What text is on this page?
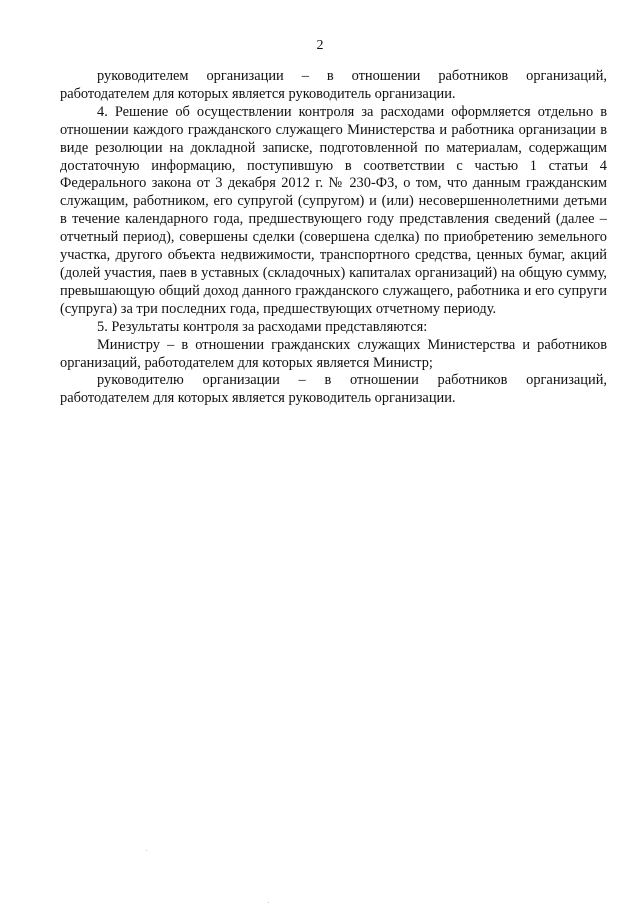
2

руководителем организации – в отношении работников организаций, работодателем для которых является руководитель организации.

4. Решение об осуществлении контроля за расходами оформляется отдельно в отношении каждого гражданского служащего Министерства и работника организации в виде резолюции на докладной записке, подготовленной по материалам, содержащим достаточную информацию, поступившую в соответствии с частью 1 статьи 4 Федерального закона от 3 декабря 2012 г. № 230-ФЗ, о том, что данным гражданским служащим, работником, его супругой (супругом) и (или) несовершеннолетними детьми в течение календарного года, предшествующего году представления сведений (далее – отчетный период), совершены сделки (совершена сделка) по приобретению земельного участка, другого объекта недвижимости, транспортного средства, ценных бумаг, акций (долей участия, паев в уставных (складочных) капиталах организаций) на общую сумму, превышающую общий доход данного гражданского служащего, работника и его супруги (супруга) за три последних года, предшествующих отчетному периоду.

5. Результаты контроля за расходами представляются:

Министру – в отношении гражданских служащих Министерства и работников организаций, работодателем для которых является Министр;

руководителю организации – в отношении работников организаций, работодателем для которых является руководитель организации.
